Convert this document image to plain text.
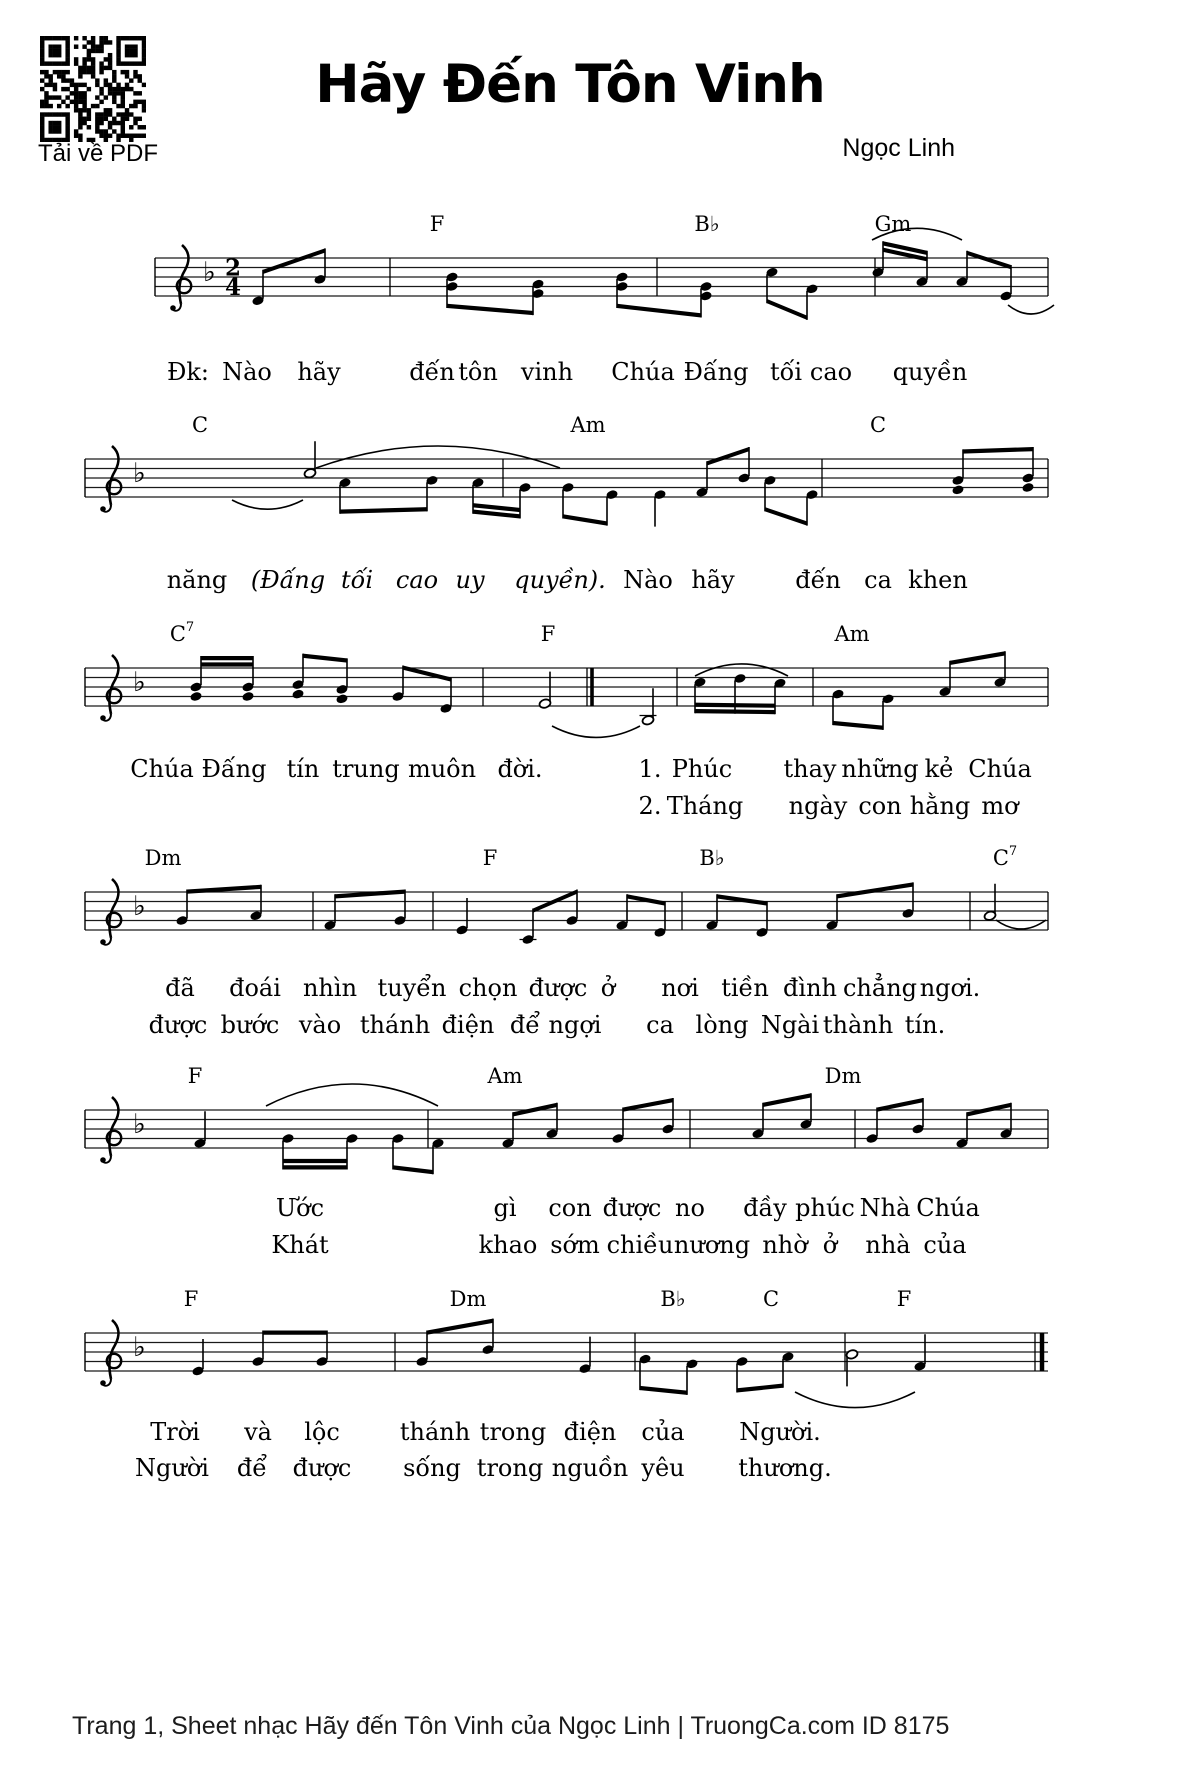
Tải về PDF
Hãy Đến Tôn Vinh
Ngọc Linh
♭ 2
4
♭
♭
♭
♭
♭
F	B♭	Gm
C	Am	C
$C^7$	F	Am
Dm	F	B♭	$C^7$
F	Am	Dm
F	Dm	B♭	C	F
Đk: Nào hãy	đến tôn vinh Chúa Đấng tối cao quyền
năng (Đấng tối cao uy quyền). Nào hãy	đến ca khen
Chúa Đấng tín trung muôn đời.	1. Phúc thay những kẻ Chúa
2. Tháng ngày con hằng mơ
đã đoái nhìn tuyển chọn được ở nơi tiền đình chẳng ngơi.
được bước vào thánh điện để ngợi ca lòng Ngài thành tín.
Ước	gì con được no đầy phúc Nhà Chúa
Khát	khao sớm chiều nương nhờ ở nhà của
Trời và lộc	thánh trong điện của Người.
Người để được sống trong nguồn yêu thương.
Trang 1, Sheet nhạc Hãy đến Tôn Vinh của Ngọc Linh | TruongCa.com ID 8175
